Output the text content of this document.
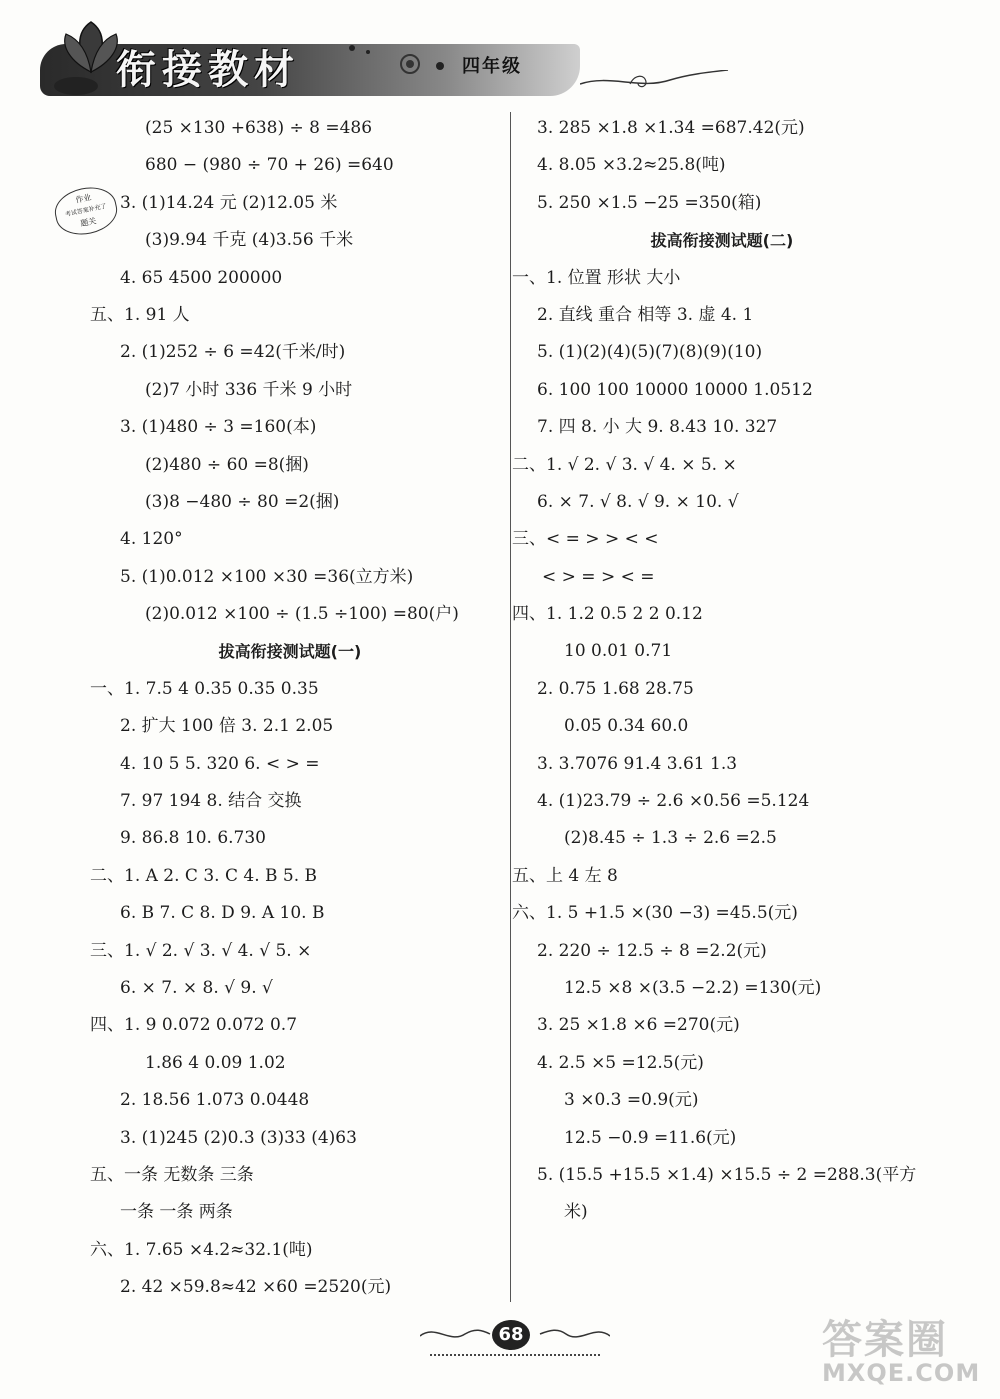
衔接教材	四年级
作业
考试答案补充了
题关
(25 ×130 +638) ÷ 8 =486
680 − (980 ÷ 70 + 26) =640
3. (1)14.24 元 (2)12.05 米
(3)9.94 千克 (4)3.56 千米
4. 65 4500 200000
五、1. 91 人
2. (1)252 ÷ 6 =42(千米/时)
(2)7 小时 336 千米 9 小时
3. (1)480 ÷ 3 =160(本)
(2)480 ÷ 60 =8(捆)
(3)8 −480 ÷ 80 =2(捆)
4. 120°
5. (1)0.012 ×100 ×30 =36(立方米)
(2)0.012 ×100 ÷ (1.5 ÷100) =80(户)
拔高衔接测试题(一)
一、1. 7.5 4 0.35 0.35 0.35
2. 扩大 100 倍 3. 2.1 2.05
4. 10 5 5. 320 6. < > =
7. 97 194 8. 结合 交换
9. 86.8 10. 6.730
二、1. A 2. C 3. C 4. B 5. B
6. B 7. C 8. D 9. A 10. B
三、1. √ 2. √ 3. √ 4. √ 5. ×
6. × 7. × 8. √ 9. √
四、1. 9 0.072 0.072 0.7
1.86 4 0.09 1.02
2. 18.56 1.073 0.0448
3. (1)245 (2)0.3 (3)33 (4)63
五、一条 无数条 三条
一条 一条 两条
六、1. 7.65 ×4.2≈32.1(吨)
2. 42 ×59.8≈42 ×60 =2520(元)
3. 285 ×1.8 ×1.34 =687.42(元)
4. 8.05 ×3.2≈25.8(吨)
5. 250 ×1.5 −25 =350(箱)
拔高衔接测试题(二)
一、1. 位置 形状 大小
2. 直线 重合 相等 3. 虚 4. 1
5. (1)(2)(4)(5)(7)(8)(9)(10)
6. 100 100 10000 10000 1.0512
7. 四 8. 小 大 9. 8.43 10. 327
二、1. √ 2. √ 3. √ 4. × 5. ×
6. × 7. √ 8. √ 9. × 10. √
三、< = > > < <
< > = > < =
四、1. 1.2 0.5 2 2 0.12
10 0.01 0.71
2. 0.75 1.68 28.75
0.05 0.34 60.0
3. 3.7076 91.4 3.61 1.3
4. (1)23.79 ÷ 2.6 ×0.56 =5.124
(2)8.45 ÷ 1.3 ÷ 2.6 =2.5
五、上 4 左 8
六、1. 5 +1.5 ×(30 −3) =45.5(元)
2. 220 ÷ 12.5 ÷ 8 =2.2(元)
12.5 ×8 ×(3.5 −2.2) =130(元)
3. 25 ×1.8 ×6 =270(元)
4. 2.5 ×5 =12.5(元)
3 ×0.3 =0.9(元)
12.5 −0.9 =11.6(元)
5. (15.5 +15.5 ×1.4) ×15.5 ÷ 2 =288.3(平方
米)
68	答案圈
MXQE.COM
